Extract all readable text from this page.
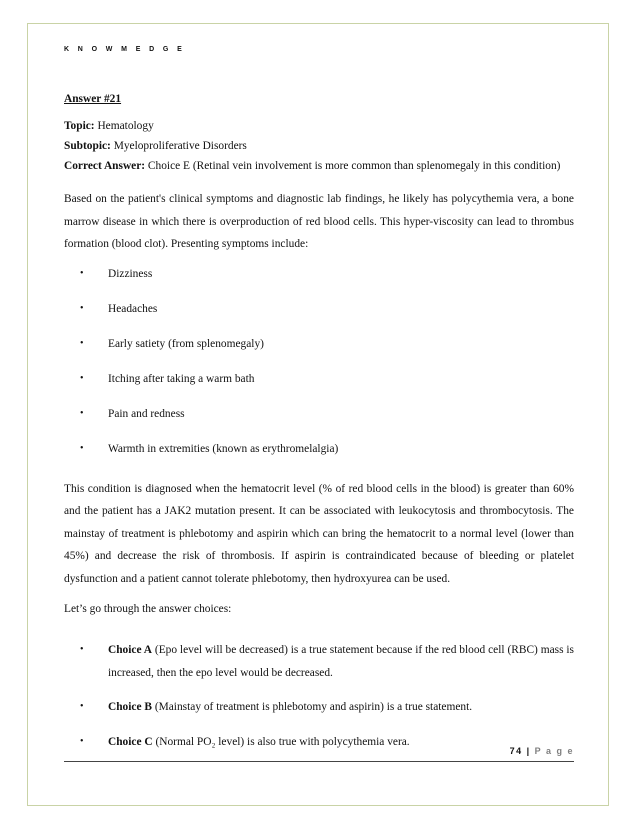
K N O W M E D G E

Answer #21

Topic: Hematology

Subtopic: Myeloproliferative Disorders

Correct Answer: Choice E (Retinal vein involvement is more common than splenomegaly in this condition)

Based on the patient's clinical symptoms and diagnostic lab findings, he likely has polycythemia vera, a bone marrow disease in which there is overproduction of red blood cells. This hyper-viscosity can lead to thrombus formation (blood clot). Presenting symptoms include:

• Dizziness
• Headaches
• Early satiety (from splenomegaly)
• Itching after taking a warm bath
• Pain and redness
• Warmth in extremities (known as erythromelalgia)

This condition is diagnosed when the hematocrit level (% of red blood cells in the blood) is greater than 60% and the patient has a JAK2 mutation present. It can be associated with leukocytosis and thrombocytosis. The mainstay of treatment is phlebotomy and aspirin which can bring the hematocrit to a normal level (lower than 45%) and decrease the risk of thrombosis. If aspirin is contraindicated because of bleeding or platelet dysfunction and a patient cannot tolerate phlebotomy, then hydroxyurea can be used.

Let’s go through the answer choices:

• Choice A (Epo level will be decreased) is a true statement because if the red blood cell (RBC) mass is increased, then the epo level would be decreased.
• Choice B (Mainstay of treatment is phlebotomy and aspirin) is a true statement.
• Choice C (Normal PO₂ level) is also true with polycythemia vera.
74 | P a g e
